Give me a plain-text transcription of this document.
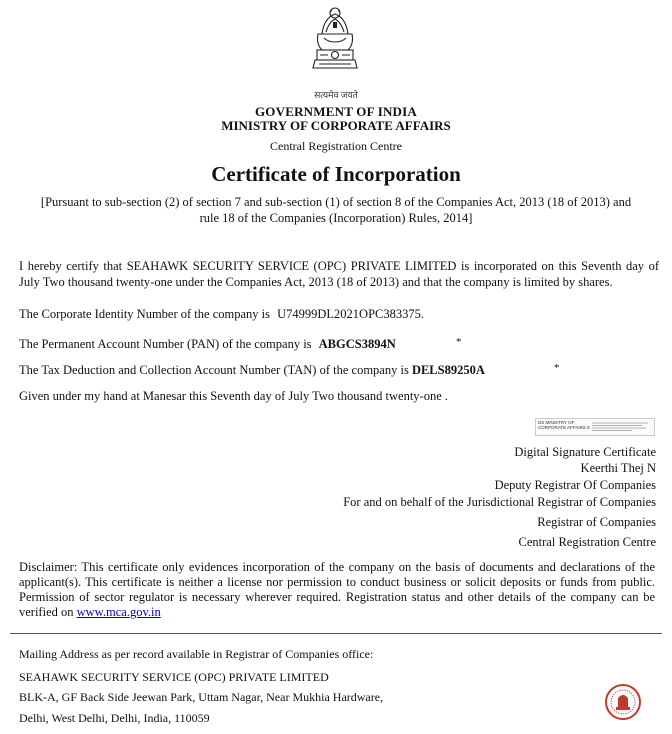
सत्यमेव जयते
GOVERNMENT OF INDIA
MINISTRY OF CORPORATE AFFAIRS
Central Registration Centre
Certificate of Incorporation
[Pursuant to sub-section (2) of section 7 and sub-section (1) of section 8 of the Companies Act, 2013 (18 of 2013) and
rule 18 of the Companies (Incorporation) Rules, 2014]
I hereby certify that SEAHAWK SECURITY SERVICE (OPC) PRIVATE LIMITED is incorporated on this Seventh day of July Two thousand twenty-one under the Companies Act, 2013 (18 of 2013) and that the company is limited by shares.
The Corporate Identity Number of the company is U74999DL2021OPC383375.
The Permanent Account Number (PAN) of the company is ABGCS3894N	*
The Tax Deduction and Collection Account Number (TAN) of the company is DELS89250A	*
Given under my hand at Manesar this Seventh day of July Two thousand twenty-one .
DS MINISTRY OF
CORPORATE AFFAIRS 8
Digital Signature Certificate
Keerthi Thej N
Deputy Registrar Of Companies
For and on behalf of the Jurisdictional Registrar of Companies
Registrar of Companies
Central Registration Centre
Disclaimer: This certificate only evidences incorporation of the company on the basis of documents and declarations of the applicant(s). This certificate is neither a license nor permission to conduct business or solicit deposits or funds from public. Permission of sector regulator is necessary wherever required. Registration status and other details of the company can be verified on www.mca.gov.in
Mailing Address as per record available in Registrar of Companies office:
SEAHAWK SECURITY SERVICE (OPC) PRIVATE LIMITED
BLK-A, GF Back Side Jeewan Park, Uttam Nagar, Near Mukhia Hardware,
Delhi, West Delhi, Delhi, India, 110059
